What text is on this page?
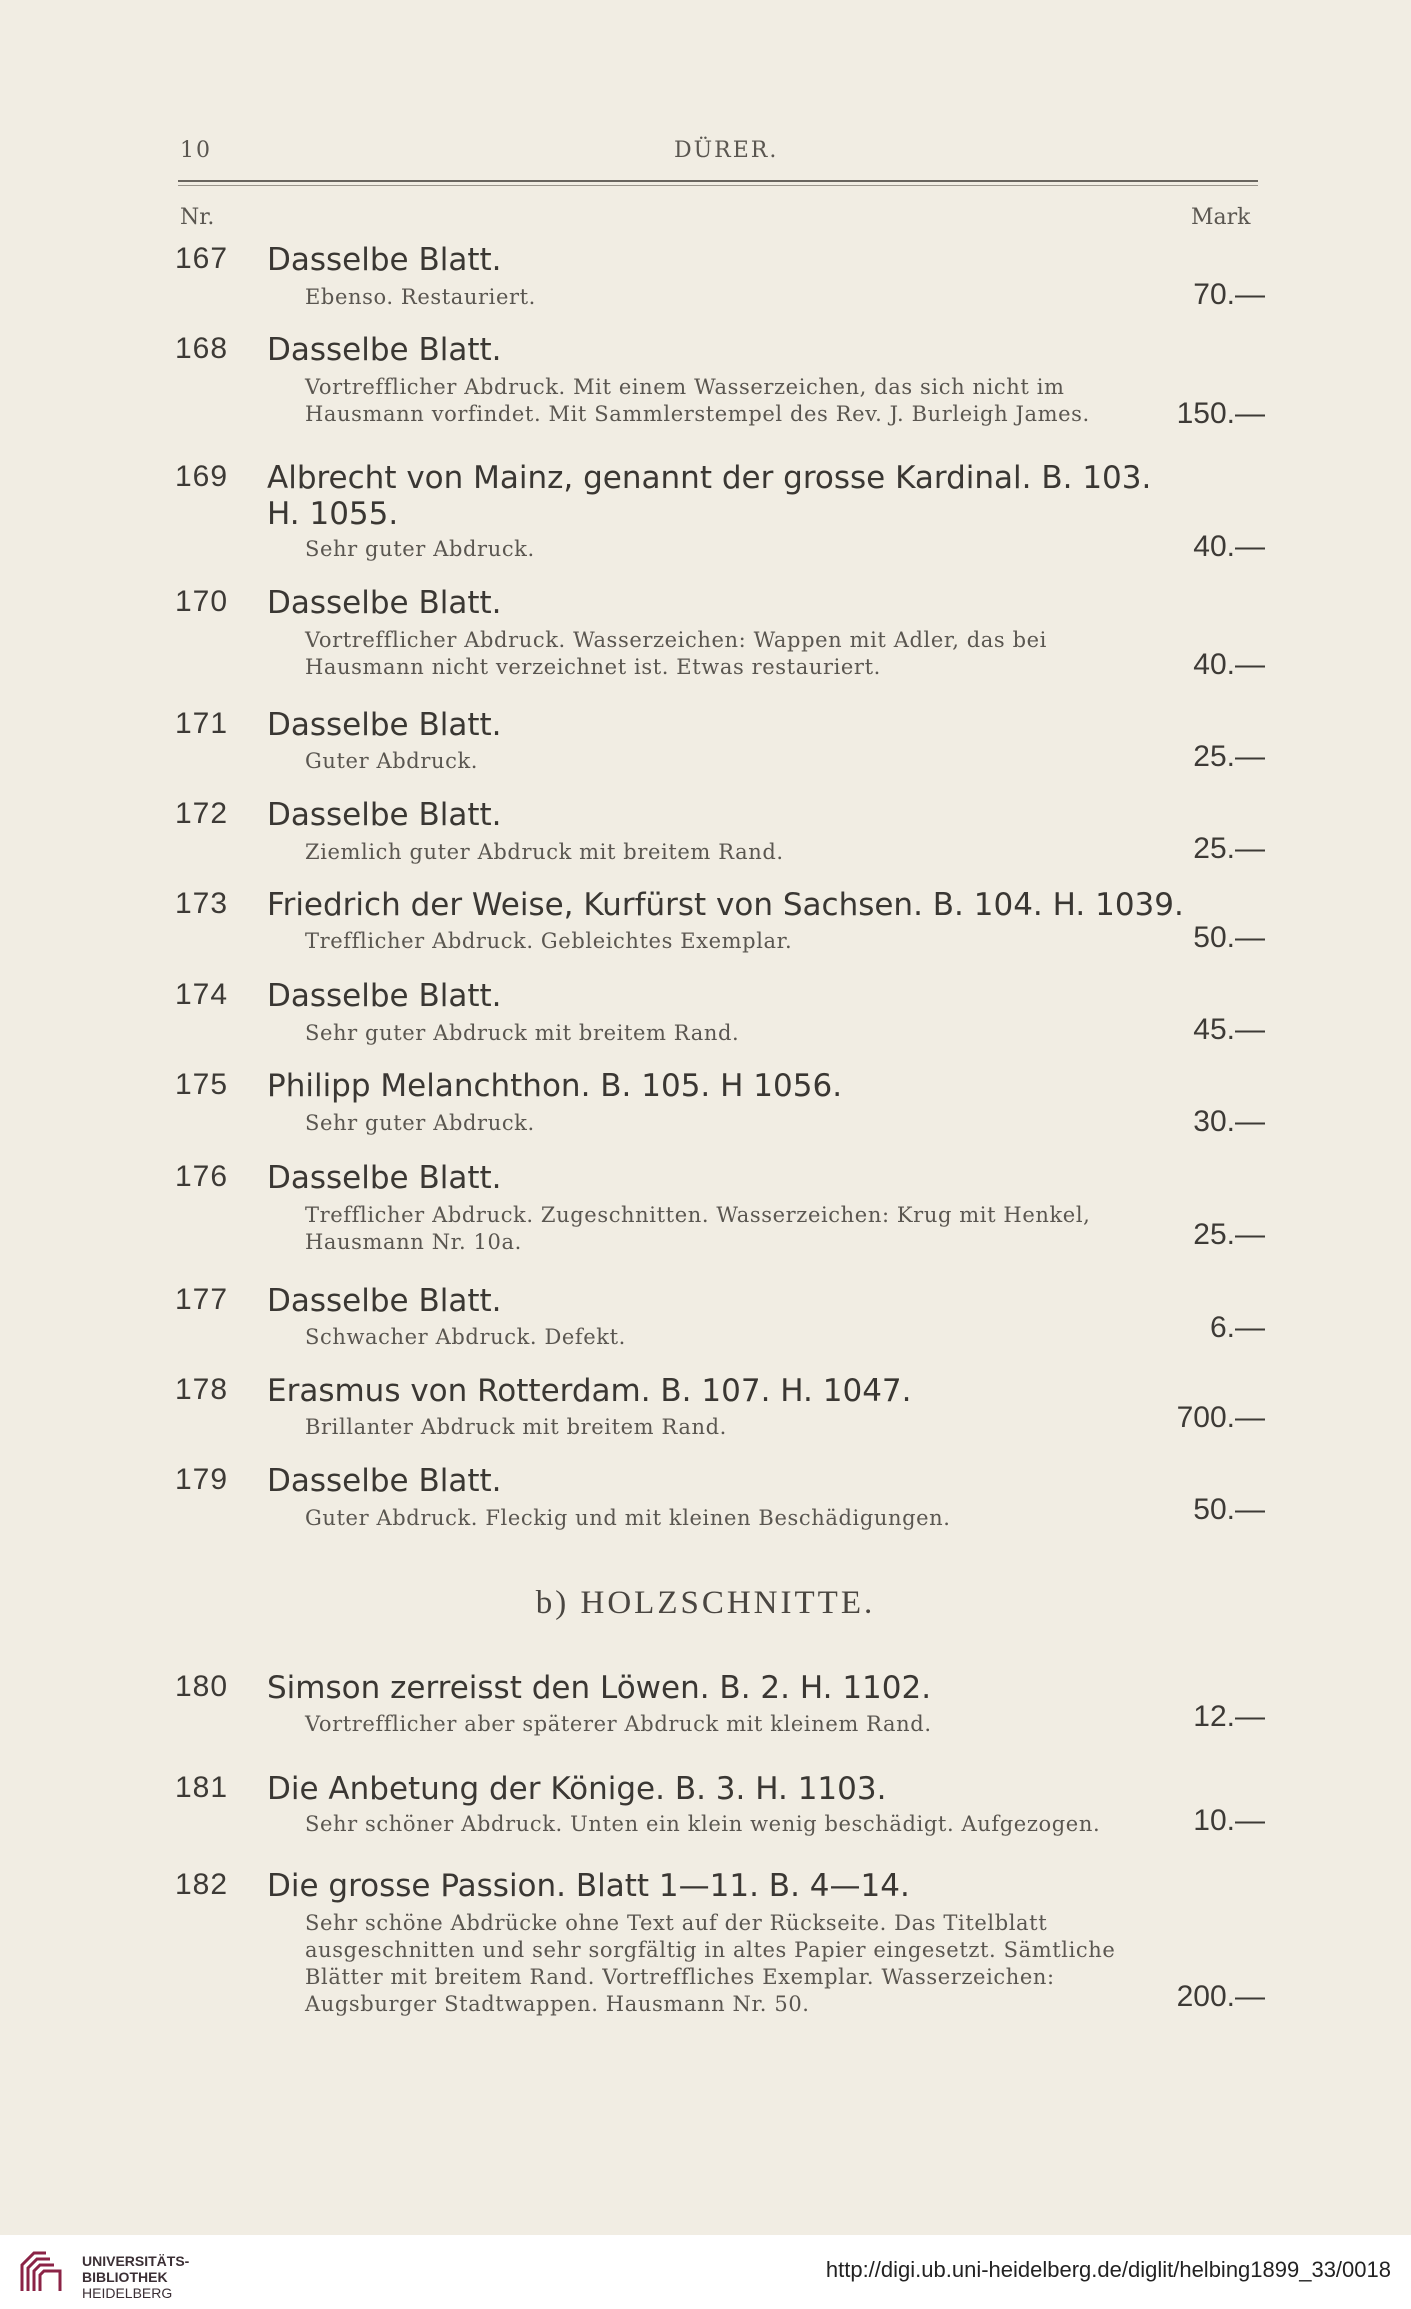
10	DÜRER.
Nr.	Mark
167 Dasselbe Blatt.
Ebenso. Restauriert.	70.—
168 Dasselbe Blatt.
Vortrefflicher Abdruck. Mit einem Wasserzeichen, das sich nicht im
Hausmann vorfindet. Mit Sammlerstempel des Rev. J. Burleigh James.	150.—
169 Albrecht von Mainz, genannt der grosse Kardinal. B. 103.
H. 1055.
Sehr guter Abdruck.	40.—
170 Dasselbe Blatt.
Vortrefflicher Abdruck. Wasserzeichen: Wappen mit Adler, das bei
Hausmann nicht verzeichnet ist. Etwas restauriert.	40.—
171 Dasselbe Blatt.
Guter Abdruck.	25.—
172 Dasselbe Blatt.
Ziemlich guter Abdruck mit breitem Rand.	25.—
173 Friedrich der Weise, Kurfürst von Sachsen. B. 104. H. 1039.
Trefflicher Abdruck. Gebleichtes Exemplar.	50.—
174 Dasselbe Blatt.
Sehr guter Abdruck mit breitem Rand.	45.—
175 Philipp Melanchthon. B. 105. H 1056.
Sehr guter Abdruck.	30.—
176 Dasselbe Blatt.
Trefflicher Abdruck. Zugeschnitten. Wasserzeichen: Krug mit Henkel,
Hausmann Nr. 10a.	25.—
177 Dasselbe Blatt.
Schwacher Abdruck. Defekt.	6.—
178 Erasmus von Rotterdam. B. 107. H. 1047.
Brillanter Abdruck mit breitem Rand.	700.—
179 Dasselbe Blatt.
Guter Abdruck. Fleckig und mit kleinen Beschädigungen.	50.—
b) HOLZSCHNITTE.
180 Simson zerreisst den Löwen. B. 2. H. 1102.
Vortrefflicher aber späterer Abdruck mit kleinem Rand.	12.—
181 Die Anbetung der Könige. B. 3. H. 1103.
Sehr schöner Abdruck. Unten ein klein wenig beschädigt. Aufgezogen.	10.—
182 Die grosse Passion. Blatt 1—11. B. 4—14.
Sehr schöne Abdrücke ohne Text auf der Rückseite. Das Titelblatt
ausgeschnitten und sehr sorgfältig in altes Papier eingesetzt. Sämtliche
Blätter mit breitem Rand. Vortreffliches Exemplar. Wasserzeichen:
Augsburger Stadtwappen. Hausmann Nr. 50.	200.—
UNIVERSITÄTS-
BIBLIOTHEK
HEIDELBERG
http://digi.ub.uni-heidelberg.de/diglit/helbing1899_33/0018
